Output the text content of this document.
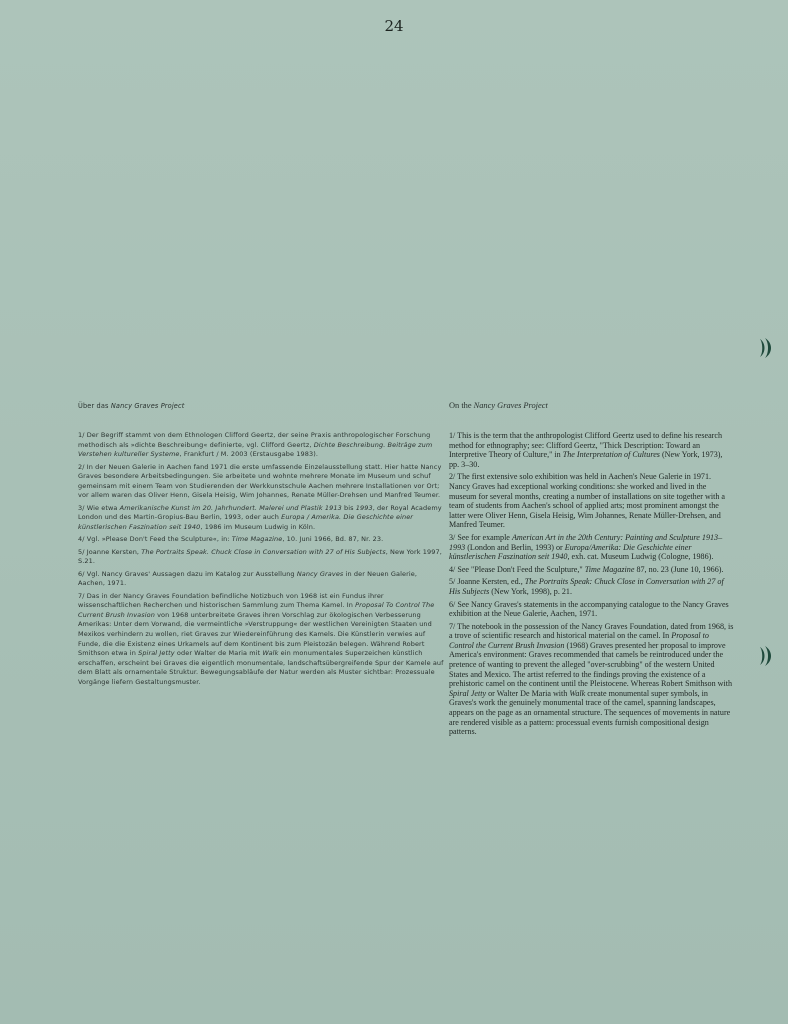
24
Über das Nancy Graves Project	On the Nancy Graves Project
1/ Der Begriff stammt von dem Ethnologen Clifford Geertz, der seine Praxis anthropologischer Forschung methodisch als »dichte Beschreibung« definierte, vgl. Clifford Geertz, Dichte Beschreibung. Beiträge zum Verstehen kultureller Systeme, Frankfurt / M. 2003 (Erstausgabe 1983).
2/ In der Neuen Galerie in Aachen fand 1971 die erste umfassende Einzelausstellung statt. Hier hatte Nancy Graves besondere Arbeitsbedingungen. Sie arbeitete und wohnte mehrere Monate im Museum und schuf gemeinsam mit einem Team von Studierenden der Werkkunstschule Aachen mehrere Installationen vor Ort; vor allem waren das Oliver Henn, Gisela Heisig, Wim Johannes, Renate Müller-Drehsen und Manfred Teumer.
3/ Wie etwa Amerikanische Kunst im 20. Jahrhundert. Malerei und Plastik 1913 bis 1993, der Royal Academy London und des Martin-Gropius-Bau Berlin, 1993, oder auch Europa / Amerika. Die Geschichte einer künstlerischen Faszination seit 1940, 1986 im Museum Ludwig in Köln.
4/ Vgl. »Please Don't Feed the Sculpture«, in: Time Magazine, 10. Juni 1966, Bd. 87, Nr. 23.
5/ Joanne Kersten, The Portraits Speak. Chuck Close in Conversation with 27 of His Subjects, New York 1997, S.21.
6/ Vgl. Nancy Graves' Aussagen dazu im Katalog zur Ausstellung Nancy Graves in der Neuen Galerie, Aachen, 1971.
7/ Das in der Nancy Graves Foundation befindliche Notizbuch von 1968 ist ein Fundus ihrer wissenschaftlichen Recherchen und historischen Sammlung zum Thema Kamel. In Proposal To Control The Current Brush Invasion von 1968 unterbreitete Graves ihren Vorschlag zur ökologischen Verbesserung Amerikas: Unter dem Vorwand, die vermeintliche »Verstruppung« der westlichen Vereinigten Staaten und Mexikos verhindern zu wollen, riet Graves zur Wiedereinführung des Kamels. Die Künstlerin verwies auf Funde, die die Existenz eines Urkamels auf dem Kontinent bis zum Pleistozän belegen. Während Robert Smithson etwa in Spiral Jetty oder Walter de Maria mit Walk ein monumentales Superzeichen künstlich erschaffen, erscheint bei Graves die eigentlich monumentale, landschaftsübergreifende Spur der Kamele auf dem Blatt als ornamentale Struktur. Bewegungsabläufe der Natur werden als Muster sichtbar: Prozessuale Vorgänge liefern Gestaltungsmuster.
1/ This is the term that the anthropologist Clifford Geertz used to define his research method for ethnography; see: Clifford Geertz, "Thick Description: Toward an Interpretive Theory of Culture," in The Interpretation of Cultures (New York, 1973), pp. 3–30.
2/ The first extensive solo exhibition was held in Aachen's Neue Galerie in 1971. Nancy Graves had exceptional working conditions: she worked and lived in the museum for several months, creating a number of installations on site together with a team of students from Aachen's school of applied arts; most prominent amongst the latter were Oliver Henn, Gisela Heisig, Wim Johannes, Renate Müller-Drehsen, and Manfred Teumer.
3/ See for example American Art in the 20th Century: Painting and Sculpture 1913–1993 (London and Berlin, 1993) or Europa/Amerika: Die Geschichte einer künstlerischen Faszination seit 1940, exh. cat. Museum Ludwig (Cologne, 1986).
4/ See "Please Don't Feed the Sculpture," Time Magazine 87, no. 23 (June 10, 1966).
5/ Joanne Kersten, ed., The Portraits Speak: Chuck Close in Conversation with 27 of His Subjects (New York, 1998), p. 21.
6/ See Nancy Graves's statements in the accompanying catalogue to the Nancy Graves exhibition at the Neue Galerie, Aachen, 1971.
7/ The notebook in the possession of the Nancy Graves Foundation, dated from 1968, is a trove of scientific research and historical material on the camel. In Proposal to Control the Current Brush Invasion (1968) Graves presented her proposal to improve America's environment: Graves recommended that camels be reintroduced under the pretence of wanting to prevent the alleged "over-scrubbing" of the western United States and Mexico. The artist referred to the findings proving the existence of a prehistoric camel on the continent until the Pleistocene. Whereas Robert Smithson with Spiral Jetty or Walter De Maria with Walk create monumental super symbols, in Graves's work the genuinely monumental trace of the camel, spanning landscapes, appears on the page as an ornamental structure. The sequences of movements in nature are rendered visible as a pattern: processual events furnish compositional design patterns.
